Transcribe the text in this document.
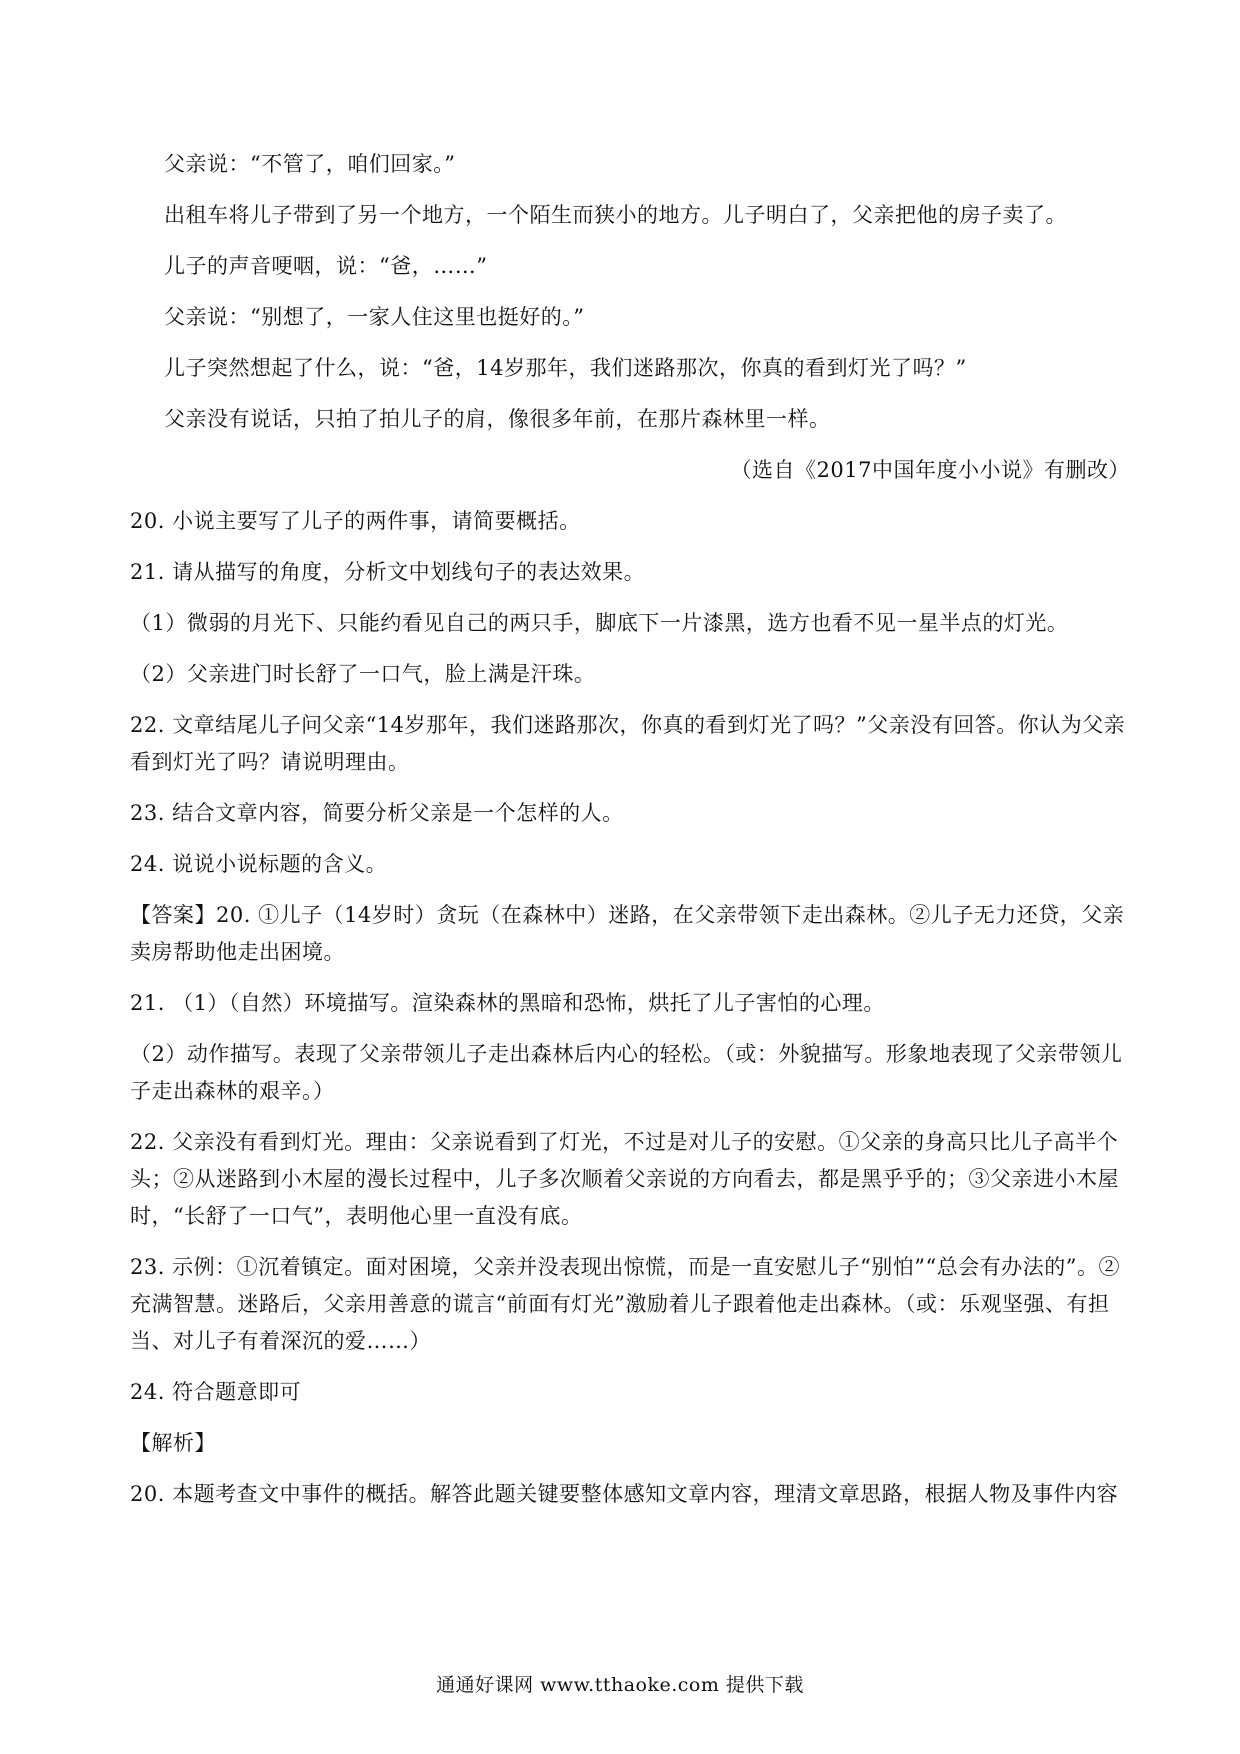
父亲说：“不管了，咱们回家。”

出租车将儿子带到了另一个地方，一个陌生而狭小的地方。儿子明白了，父亲把他的房子卖了。

儿子的声音哽咽，说：“爸，……”

父亲说：“别想了，一家人住这里也挺好的。”

儿子突然想起了什么，说：“爸，14岁那年，我们迷路那次，你真的看到灯光了吗？”

父亲没有说话，只拍了拍儿子的肩，像很多年前，在那片森林里一样。

（选自《2017中国年度小小说》有删改）

20. 小说主要写了儿子的两件事，请简要概括。

21. 请从描写的角度，分析文中划线句子的表达效果。

（1）微弱的月光下、只能约看见自己的两只手，脚底下一片漆黑，选方也看不见一星半点的灯光。

（2）父亲进门时长舒了一口气，脸上满是汗珠。

22. 文章结尾儿子问父亲“14岁那年，我们迷路那次，你真的看到灯光了吗？”父亲没有回答。你认为父亲看到灯光了吗？请说明理由。

23. 结合文章内容，简要分析父亲是一个怎样的人。

24. 说说小说标题的含义。

【答案】20. ①儿子（14岁时）贪玩（在森林中）迷路，在父亲带领下走出森林。②儿子无力还贷，父亲卖房帮助他走出困境。

21. （1）（自然）环境描写。渲染森林的黑暗和恐怖，烘托了儿子害怕的心理。

（2）动作描写。表现了父亲带领儿子走出森林后内心的轻松。（或：外貌描写。形象地表现了父亲带领儿子走出森林的艰辛。）

22. 父亲没有看到灯光。理由：父亲说看到了灯光，不过是对儿子的安慰。①父亲的身高只比儿子高半个头；②从迷路到小木屋的漫长过程中，儿子多次顺着父亲说的方向看去，都是黑乎乎的；③父亲进小木屋时，“长舒了一口气”，表明他心里一直没有底。

23. 示例：①沉着镇定。面对困境，父亲并没表现出惊慌，而是一直安慰儿子“别怕”“总会有办法的”。②充满智慧。迷路后，父亲用善意的谎言“前面有灯光”激励着儿子跟着他走出森林。（或：乐观坚强、有担当、对儿子有着深沉的爱……）

24. 符合题意即可

【解析】

20. 本题考查文中事件的概括。解答此题关键要整体感知文章内容，理清文章思路，根据人物及事件内容

通通好课网 www.tthaoke.com 提供下载
